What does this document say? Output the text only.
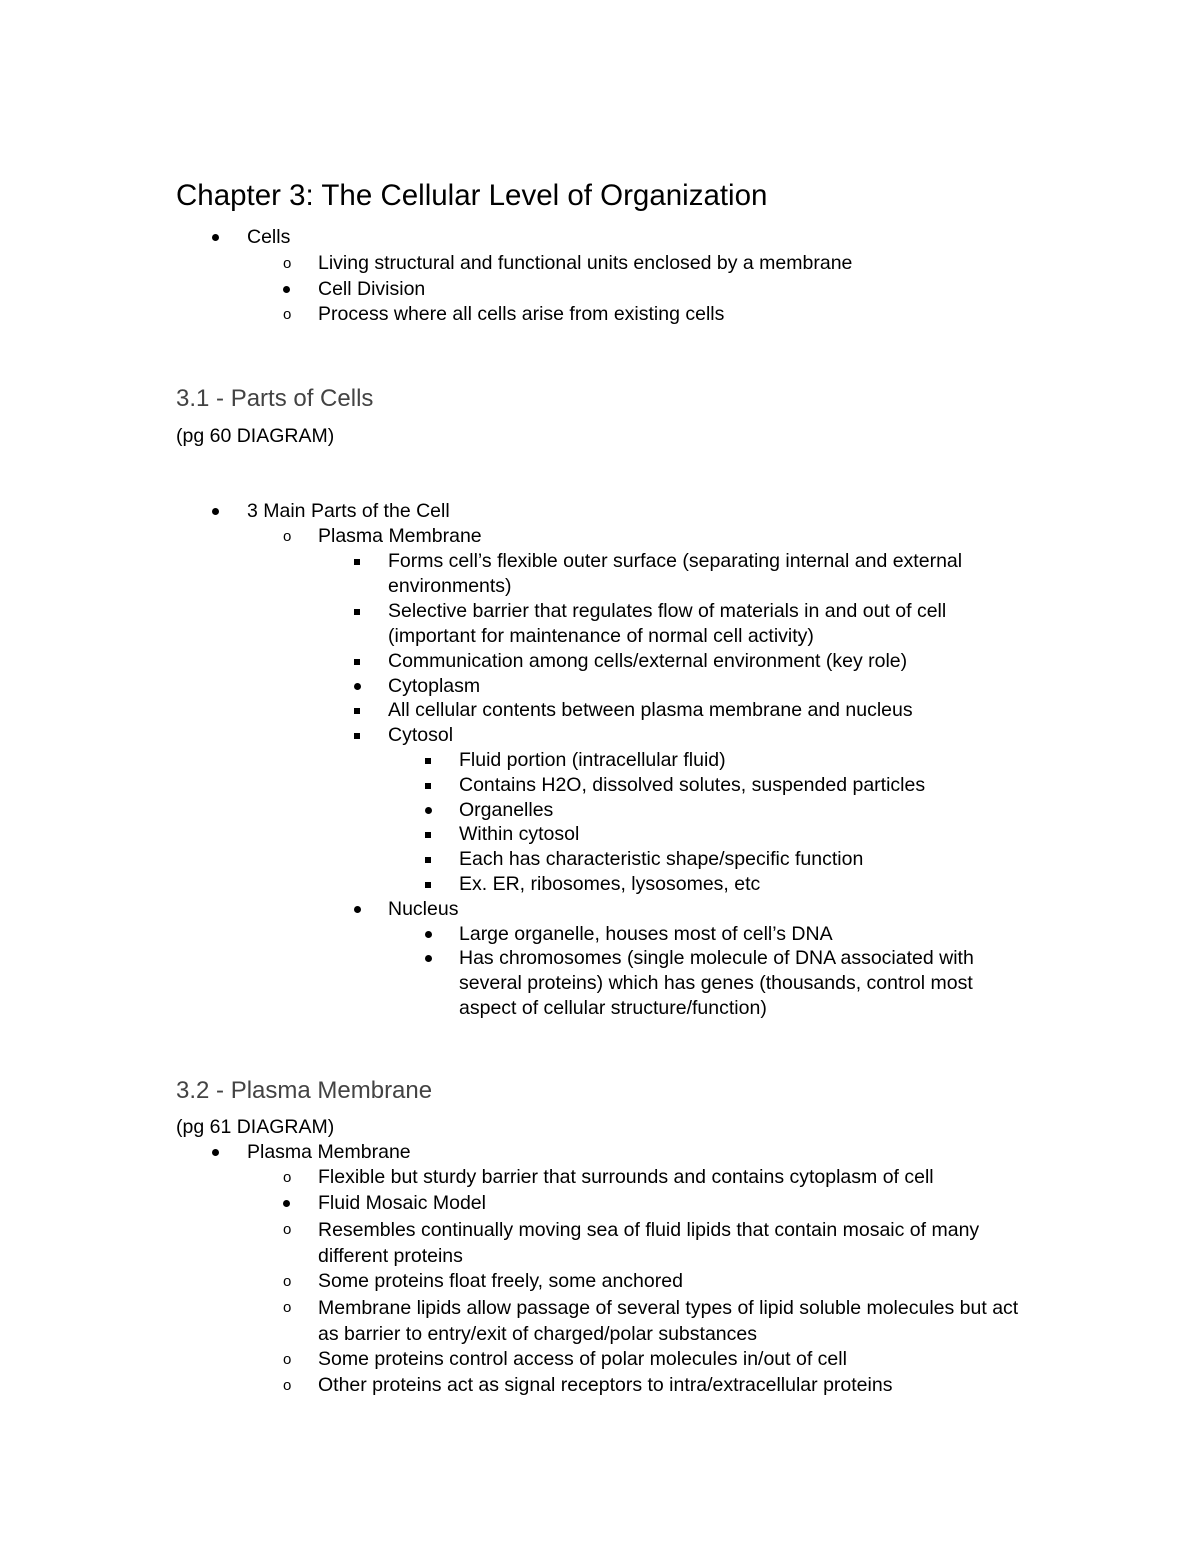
Chapter 3: The Cellular Level of Organization
Cells
o Living structural and functional units enclosed by a membrane
Cell Division
o Process where all cells arise from existing cells
3.1 - Parts of Cells
(pg 60 DIAGRAM)
3 Main Parts of the Cell
o Plasma Membrane
Forms cell’s flexible outer surface (separating internal and external environments)
Selective barrier that regulates flow of materials in and out of cell (important for maintenance of normal cell activity)
Communication among cells/external environment (key role)
Cytoplasm
All cellular contents between plasma membrane and nucleus
Cytosol
Fluid portion (intracellular fluid)
Contains H2O, dissolved solutes, suspended particles
Organelles
Within cytosol
Each has characteristic shape/specific function
Ex. ER, ribosomes, lysosomes, etc
Nucleus
Large organelle, houses most of cell’s DNA
Has chromosomes (single molecule of DNA associated with several proteins) which has genes (thousands, control most aspect of cellular structure/function)
3.2 - Plasma Membrane
(pg 61 DIAGRAM)
Plasma Membrane
o Flexible but sturdy barrier that surrounds and contains cytoplasm of cell
Fluid Mosaic Model
o Resembles continually moving sea of fluid lipids that contain mosaic of many different proteins
o Some proteins float freely, some anchored
o Membrane lipids allow passage of several types of lipid soluble molecules but act as barrier to entry/exit of charged/polar substances
o Some proteins control access of polar molecules in/out of cell
o Other proteins act as signal receptors to intra/extracellular proteins
